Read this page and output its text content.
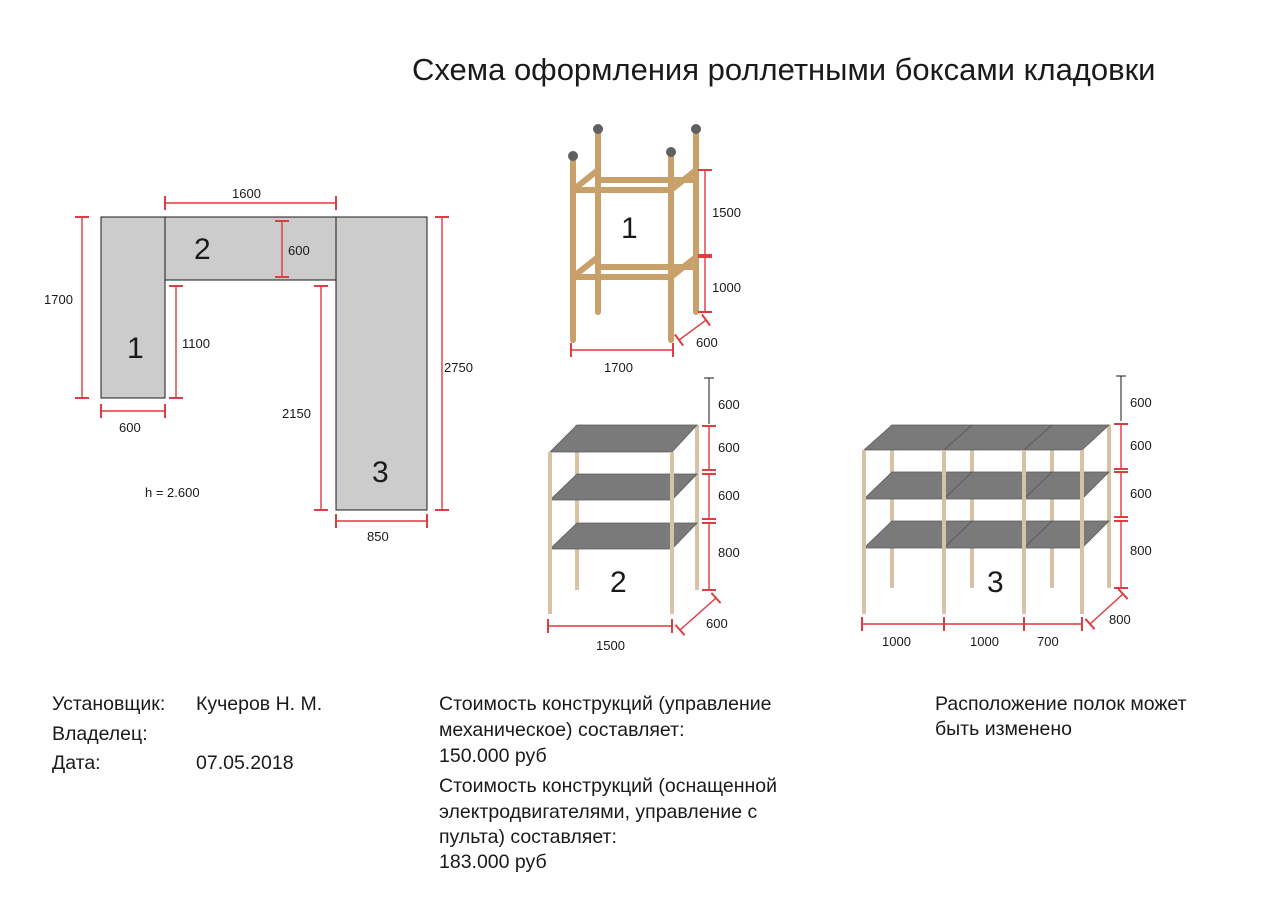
Схема оформления роллетными боксами кладовки
1
2
3
1600
1700
600
1100
600
2150
2750
850
h = 2.600
1	1500
1000
600
1700
2
600
600
600
800
600
1500
3
600
600
600
800
800
1000	1000	700
Установщик: Кучеров Н. М.
Владелец:
Дата:	07.05.2018
Стоимость конструкций (управление
механическое) составляет:
150.000 руб
Стоимость конструкций (оснащенной
электродвигателями, управление с
пульта) составляет:
183.000 руб
Расположение полок может
быть изменено
